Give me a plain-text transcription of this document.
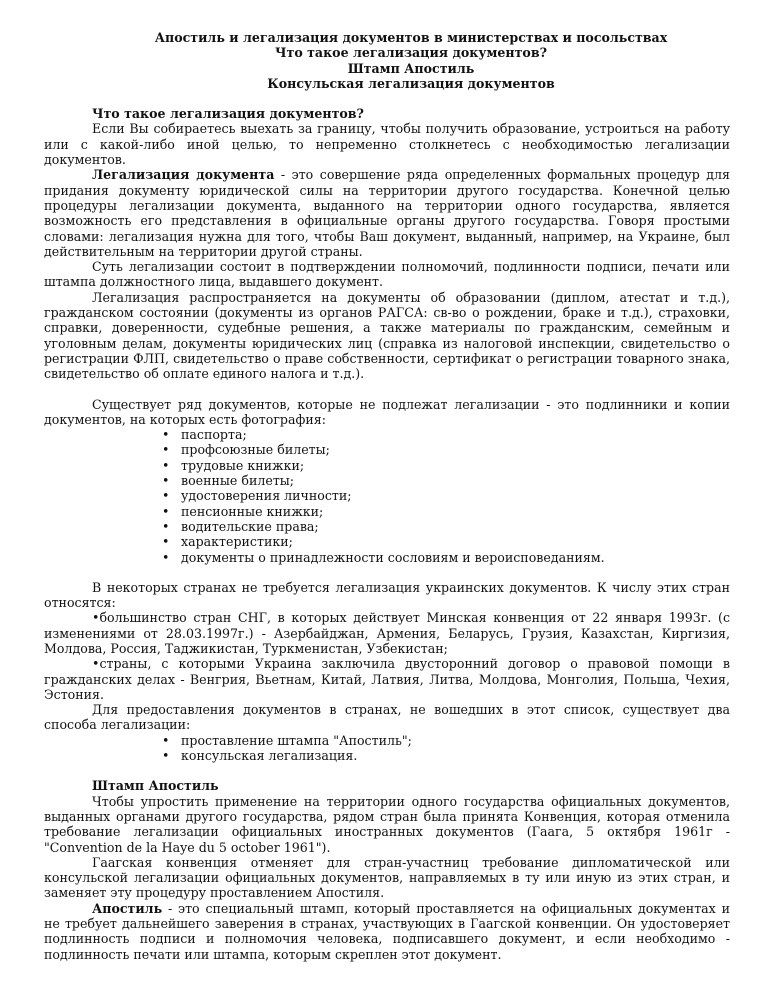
Апостиль и легализация документов в министерствах и посольствах
Что такое легализация документов?
Штамп Апостиль
Консульская легализация документов
Что такое легализация документов?

Если Вы собираетесь выехать за границу, чтобы получить образование, устроиться на работу или с какой-либо иной целью, то непременно столкнетесь с необходимостью легализации документов.

Легализация документа - это совершение ряда определенных формальных процедур для придания документу юридической силы на территории другого государства. Конечной целью процедуры легализации документа, выданного на территории одного государства, является возможность его представления в официальные органы другого государства. Говоря простыми словами: легализация нужна для того, чтобы Ваш документ, выданный, например, на Украине, был действительным на территории другой страны.

Суть легализации состоит в подтверждении полномочий, подлинности подписи, печати или штампа должностного лица, выдавшего документ.

Легализация распространяется на документы об образовании (диплом, атестат и т.д.), гражданском состоянии (документы из органов РАГСА: св-во о рождении, браке и т.д.), страховки, справки, доверенности, судебные решения, а также материалы по гражданским, семейным и уголовным делам, документы юридических лиц (справка из налоговой инспекции, свидетельство о регистрации ФЛП, свидетельство о праве собственности, сертификат о регистрации товарного знака, свидетельство об оплате единого налога и т.д.).

Существует ряд документов, которые не подлежат легализации - это подлинники и копии документов, на которых есть фотография:

• паспорта;
• профсоюзные билеты;
• трудовые книжки;
• военные билеты;
• удостоверения личности;
• пенсионные книжки;
• водительские права;
• характеристики;
• документы о принадлежности сословиям и вероисповеданиям.

В некоторых странах не требуется легализация украинских документов. К числу этих стран относятся:

•большинство стран СНГ, в которых действует Минская конвенция от 22 января 1993г. (с изменениями от 28.03.1997г.) - Азербайджан, Армения, Беларусь, Грузия, Казахстан, Киргизия, Молдова, Россия, Таджикистан, Туркменистан, Узбекистан;

•страны, с которыми Украина заключила двусторонний договор о правовой помощи в гражданских делах - Венгрия, Вьетнам, Китай, Латвия, Литва, Молдова, Монголия, Польша, Чехия, Эстония.

Для предоставления документов в странах, не вошедших в этот список, существует два способа легализации:

• проставление штампа "Апостиль";
• консульская легализация.
Штамп Апостиль

Чтобы упростить применение на территории одного государства официальных документов, выданных органами другого государства, рядом стран была принята Конвенция, которая отменила требование легализации официальных иностранных документов (Гаага, 5 октября 1961г - "Convention de la Haye du 5 october 1961").

Гаагская конвенция отменяет для стран-участниц требование дипломатической или консульской легализации официальных документов, направляемых в ту или иную из этих стран, и заменяет эту процедуру проставлением Апостиля.

Апостиль - это специальный штамп, который проставляется на официальных документах и не требует дальнейшего заверения в странах, участвующих в Гаагской конвенции. Он удостоверяет подлинность подписи и полномочия человека, подписавшего документ, и если необходимо - подлинность печати или штампа, которым скреплен этот документ.
